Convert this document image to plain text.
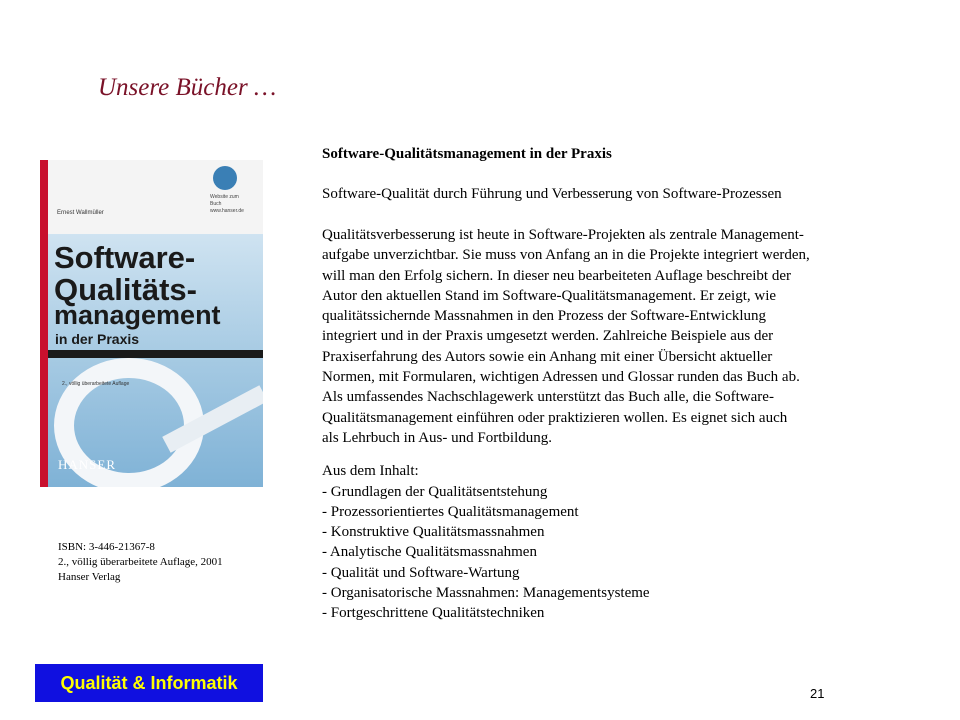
Unsere Bücher …
Website zum Buch www.hanser.de
Ernest Wallmüller
Software-
Qualitäts-
management
in der Praxis
2., völlig überarbeitete Auflage
HANSER
ISBN: 3-446-21367-8
2., völlig überarbeitete Auflage, 2001
Hanser Verlag
Qualität & Informatik

Software-Qualitätsmanagement in der Praxis

Software-Qualität durch Führung und Verbesserung von Software-Prozessen

Qualitätsverbesserung ist heute in Software-Projekten als zentrale Management-
aufgabe unverzichtbar. Sie muss von Anfang an in die Projekte integriert werden,
will man den Erfolg sichern. In dieser neu bearbeiteten Auflage beschreibt der
Autor den aktuellen Stand im Software-Qualitätsmanagement. Er zeigt, wie
qualitätssichernde Massnahmen in den Prozess der Software-Entwicklung
integriert und in der Praxis umgesetzt werden. Zahlreiche Beispiele aus der
Praxiserfahrung des Autors sowie ein Anhang mit einer Übersicht aktueller
Normen, mit Formularen, wichtigen Adressen und Glossar runden das Buch ab.
Als umfassendes Nachschlagewerk unterstützt das Buch alle, die Software-
Qualitätsmanagement einführen oder praktizieren wollen. Es eignet sich auch
als Lehrbuch in Aus- und Fortbildung.
Aus dem Inhalt:
- Grundlagen der Qualitätsentstehung
- Prozessorientiertes Qualitätsmanagement
- Konstruktive Qualitätsmassnahmen
- Analytische Qualitätsmassnahmen
- Qualität und Software-Wartung
- Organisatorische Massnahmen: Managementsysteme
- Fortgeschrittene Qualitätstechniken
21
